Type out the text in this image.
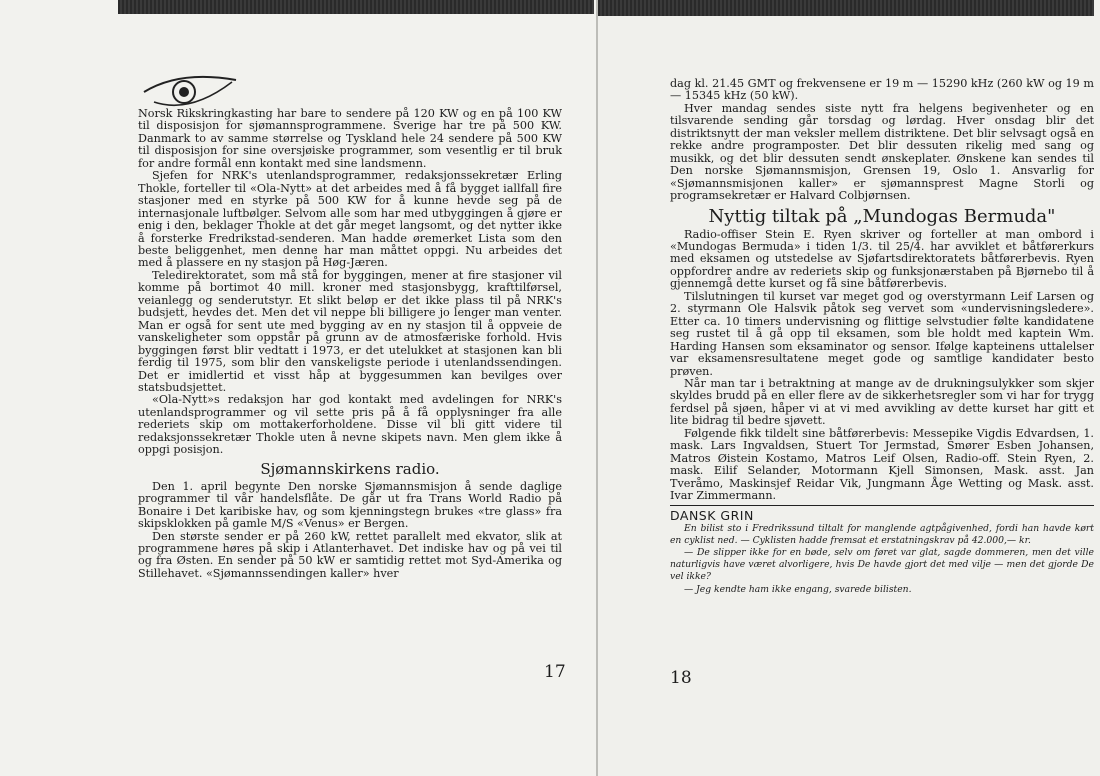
Norsk Rikskringkasting har bare to sendere på 120 KW og en på 100 KW til disposisjon for sjømannsprogrammene. Sverige har tre på 500 KW. Danmark to av samme størrelse og Tyskland hele 24 sendere på 500 KW til disposisjon for sine oversjøiske programmer, som vesentlig er til bruk for andre formål enn kontakt med sine landsmenn.

Sjefen for NRK's utenlandsprogrammer, redaksjonssekretær Erling Thokle, forteller til «Ola-Nytt» at det arbeides med å få bygget iallfall fire stasjoner med en styrke på 500 KW for å kunne hevde seg på de internasjonale luftbølger. Selvom alle som har med utbyggingen å gjøre er enig i den, beklager Thokle at det går meget langsomt, og det nytter ikke å forsterke Fredrikstad-senderen. Man hadde øremerket Lista som den beste beliggenhet, men denne har man måttet oppgi. Nu arbeides det med å plassere en ny stasjon på Høg-Jæren.

Teledirektoratet, som må stå for byggingen, mener at fire stasjoner vil komme på bortimot 40 mill. kroner med stasjonsbygg, krafttilførsel, veianlegg og senderutstyr. Et slikt beløp er det ikke plass til på NRK's budsjett, hevdes det. Men det vil neppe bli billigere jo lenger man venter. Man er også for sent ute med bygging av en ny stasjon til å oppveie de vanskeligheter som oppstår på grunn av de atmosfæriske forhold. Hvis byggingen først blir vedtatt i 1973, er det utelukket at stasjonen kan bli ferdig til 1975, som blir den vanskeligste periode i utenlandssendingen. Det er imidlertid et visst håp at byggesummen kan bevilges over statsbudsjettet.

«Ola-Nytt»s redaksjon har god kontakt med avdelingen for NRK's utenlandsprogrammer og vil sette pris på å få opplysninger fra alle rederiets skip om mottakerforholdene. Disse vil bli gitt videre til redaksjonssekretær Thokle uten å nevne skipets navn. Men glem ikke å oppgi posisjon.

Sjømannskirkens radio.

Den 1. april begynte Den norske Sjømannsmisjon å sende daglige programmer til vår handelsflåte. De går ut fra Trans World Radio på Bonaire i Det karibiske hav, og som kjenningstegn brukes «tre glass» fra skipsklokken på gamle M/S «Venus» er Bergen.

Den største sender er på 260 kW, rettet parallelt med ekvator, slik at programmene høres på skip i Atlanterhavet. Det indiske hav og på vei til og fra Østen. En sender på 50 kW er samtidig rettet mot Syd-Amerika og Stillehavet. «Sjømannssendingen kaller» hver

17

dag kl. 21.45 GMT og frekvensene er 19 m — 15290 kHz (260 kW og 19 m — 15345 kHz (50 kW).

Hver mandag sendes siste nytt fra helgens begivenheter og en tilsvarende sending går torsdag og lørdag. Hver onsdag blir det distriktsnytt der man veksler mellem distriktene. Det blir selvsagt også en rekke andre programposter. Det blir dessuten rikelig med sang og musikk, og det blir dessuten sendt ønskeplater. Ønskene kan sendes til Den norske Sjømannsmisjon, Grensen 19, Oslo 1. Ansvarlig for «Sjømannsmisjonen kaller» er sjømannsprest Magne Storli og programsekretær er Halvard Colbjørnsen.

Nyttig tiltak på „Mundogas Bermuda"

Radio-offiser Stein E. Ryen skriver og forteller at man ombord i «Mundogas Bermuda» i tiden 1/3. til 25/4. har avviklet et båtførerkurs med eksamen og utstedelse av Sjøfartsdirektoratets båtførerbevis. Ryen oppfordrer andre av rederiets skip og funksjonærstaben på Bjørnebo til å gjennemgå dette kurset og få sine båtførerbevis.

Tilslutningen til kurset var meget god og overstyrmann Leif Larsen og 2. styrmann Ole Halsvik påtok seg vervet som «undervisningsledere». Etter ca. 10 timers undervisning og flittige selvstudier følte kandidatene seg rustet til å gå opp til eksamen, som ble holdt med kaptein Wm. Harding Hansen som eksaminator og sensor. Ifølge kapteinens uttalelser var eksamensresultatene meget gode og samtlige kandidater besto prøven.

Når man tar i betraktning at mange av de drukningsulykker som skjer skyldes brudd på en eller flere av de sikkerhetsregler som vi har for trygg ferdsel på sjøen, håper vi at vi med avvikling av dette kurset har gitt et lite bidrag til bedre sjøvett.

Følgende fikk tildelt sine båtførerbevis: Messepike Vigdis Edvardsen, 1. mask. Lars Ingvaldsen, Stuert Tor Jermstad, Smører Esben Johansen, Matros Øistein Kostamo, Matros Leif Olsen, Radio-off. Stein Ryen, 2. mask. Eilif Selander, Motormann Kjell Simonsen, Mask. asst. Jan Tveråmo, Maskinsjef Reidar Vik, Jungmann Åge Wetting og Mask. asst. Ivar Zimmermann.

DANSK GRIN

En bilist sto i Fredrikssund tiltalt for manglende agtpågivenhed, fordi han havde kørt en cyklist ned. — Cyklisten hadde fremsat et erstatningskrav på 42.000,— kr.

— De slipper ikke for en bøde, selv om føret var glat, sagde dommeren, men det ville naturligvis have været alvorligere, hvis De havde gjort det med vilje — men det gjorde De vel ikke?

— Jeg kendte ham ikke engang, svarede bilisten.

18
